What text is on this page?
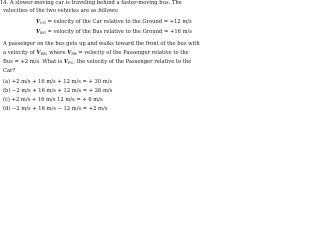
14. A slower-moving car is traveling behind a faster-moving bus. The
velocities of the two vehicles are as follows:
$V_{CG}$ = velocity of the Car relative to the Ground = +12 m/s
$V_{BG}$ = velocity of the Bus relative to the Ground = +16 m/s
A passenger on the bus gets up and walks toward the front of the bus with
a velocity of $V_{PB}$, where $V_{PB}$ = velocity of the Passenger relative to the
Bus = +2 m/s. What is $V_{PC}$, the velocity of the Passenger relative to the
Car?
(a) +2 m/s + 16 m/s + 12 m/s = + 30 m/s
(b) −2 m/s + 16 m/s + 12 m/s = + 26 m/s
(c) +2 m/s + 16 m/s 12 m/s = + 6 m/s
(d) −2 m/s + 16 m/s − 12 m/s = +2 m/s
